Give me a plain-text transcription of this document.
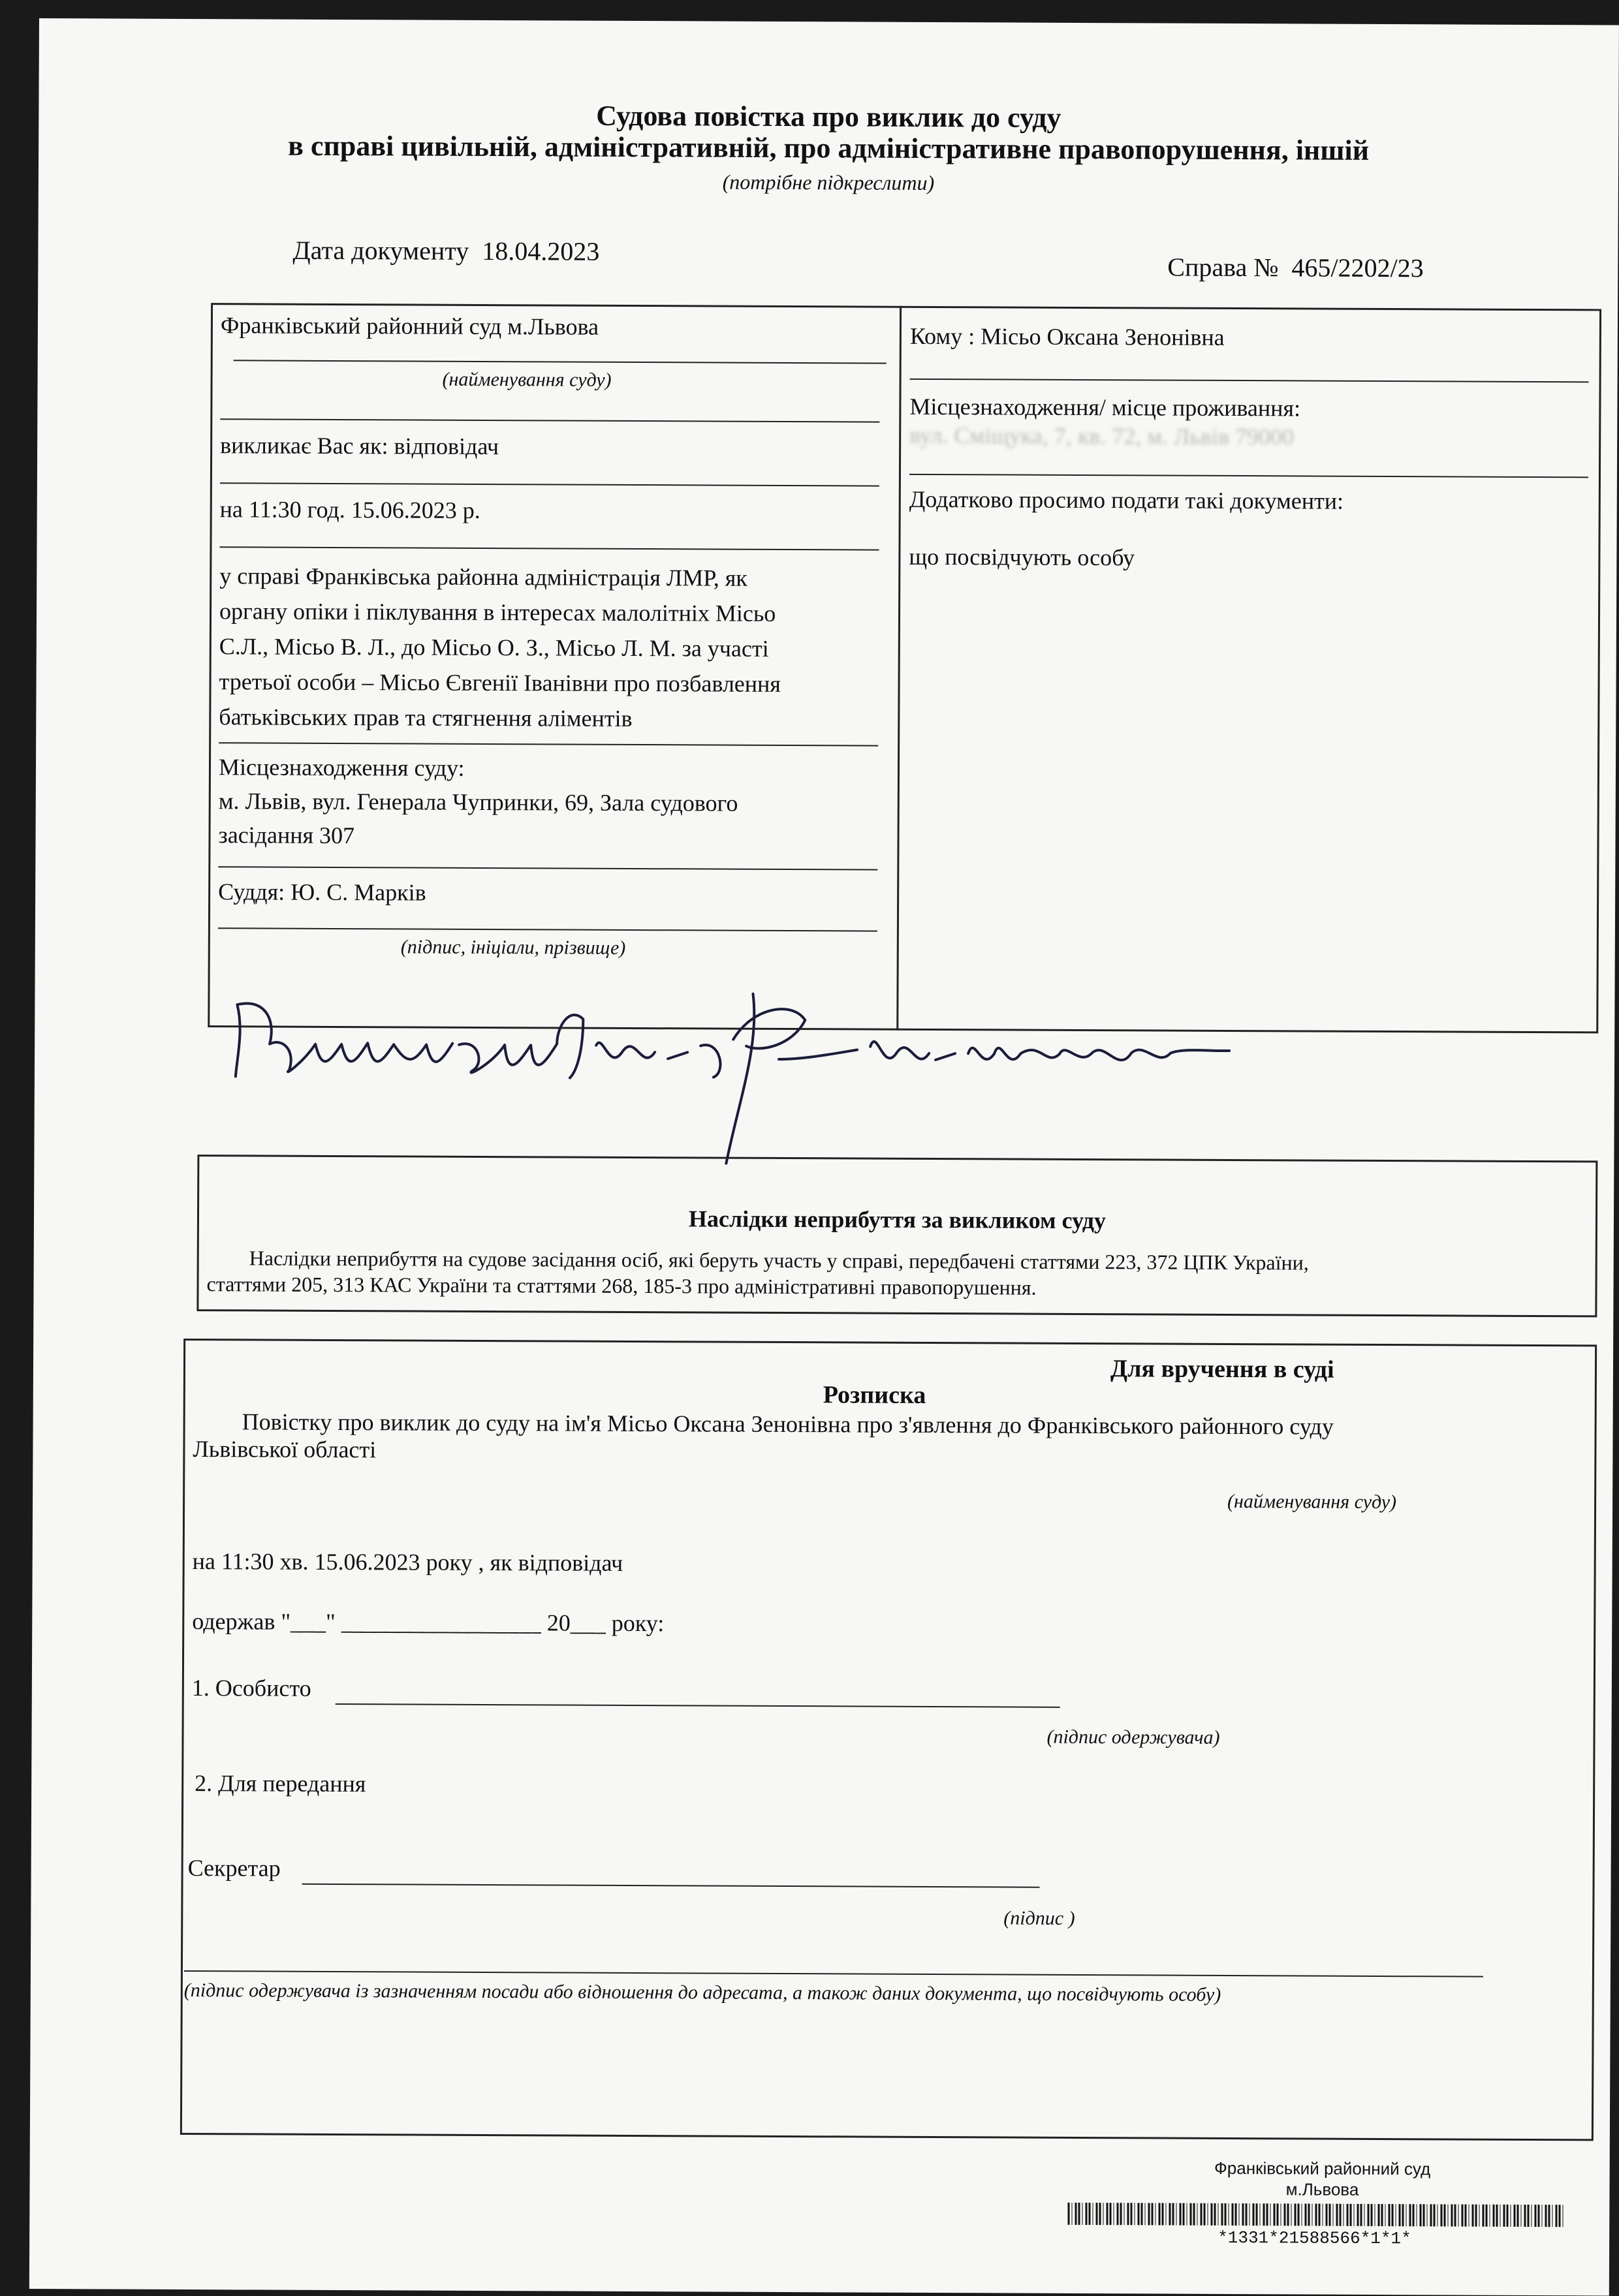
Судова повістка про виклик до суду
в справі цивільній, адміністративній, про адміністративне правопорушення, іншій
(потрібне підкреслити)
Дата документу 18.04.2023
Справа № 465/2202/23
Франківський районний суд м.Львова
(найменування суду)
викликає Вас як: відповідач
на 11:30 год. 15.06.2023 р.
у справі Франківська районна адміністрація ЛМР, як
органу опіки і піклування в інтересах малолітніх Місьо
С.Л., Місьо В. Л., до Місьо О. З., Місьо Л. М. за участі
третьої особи – Місьо Євгенії Іванівни про позбавлення
батьківських прав та стягнення аліментів
Місцезнаходження суду:
м. Львів, вул. Генерала Чупринки, 69, Зала судового
засідання 307
Суддя: Ю. С. Марків
(підпис, ініціали, прізвище)
Кому : Місьо Оксана Зенонівна
Місцезнаходження/ місце проживання:
вул. Сміщука, 7, кв. 72, м. Львів 79000
Додатково просимо подати такі документи:
що посвідчують особу
Наслідки неприбуття за викликом суду
Наслідки неприбуття на судове засідання осіб, які беруть участь у справі, передбачені статтями 223, 372 ЦПК України,
статтями 205, 313 КАС України та статтями 268, 185-3 про адміністративні правопорушення.
Для вручення в суді
Розписка
Повістку про виклик до суду на ім'я Місьо Оксана Зенонівна про з'явлення до Франківського районного суду
Львівської області
(найменування суду)
на 11:30 хв. 15.06.2023 року , як відповідач
одержав "___" _________________ 20___ року:
1. Особисто
(підпис одержувача)
2. Для передання
Секретар
(підпис )
(підпис одержувача із зазначенням посади або відношення до адресата, а також даних документа, що посвідчують особу)
Франківський районний суд
м.Львова
*1331*21588566*1*1*
